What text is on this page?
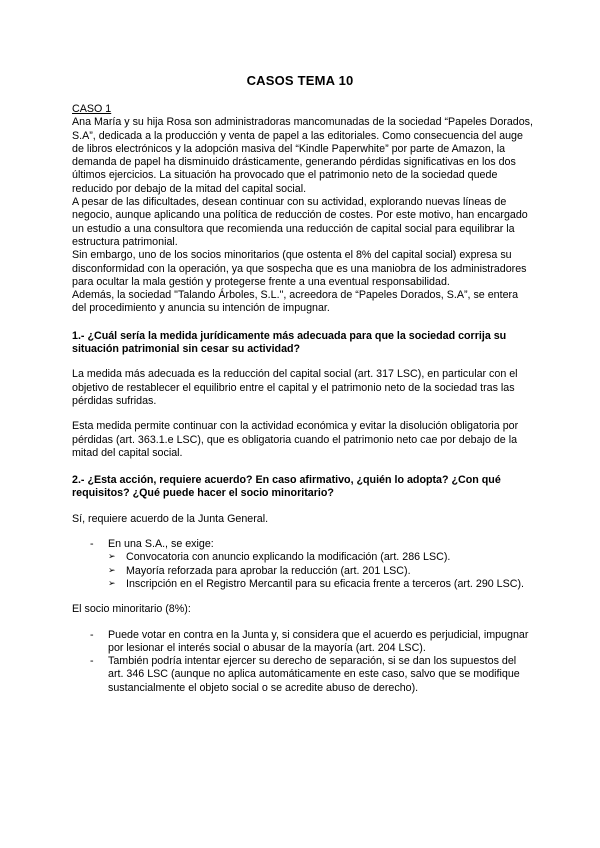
CASOS TEMA 10

CASO 1

Ana María y su hija Rosa son administradoras mancomunadas de la sociedad “Papeles Dorados, S.A”, dedicada a la producción y venta de papel a las editoriales. Como consecuencia del auge de libros electrónicos y la adopción masiva del “Kindle Paperwhite” por parte de Amazon, la demanda de papel ha disminuido drásticamente, generando pérdidas significativas en los dos últimos ejercicios. La situación ha provocado que el patrimonio neto de la sociedad quede reducido por debajo de la mitad del capital social.

A pesar de las dificultades, desean continuar con su actividad, explorando nuevas líneas de negocio, aunque aplicando una política de reducción de costes. Por este motivo, han encargado un estudio a una consultora que recomienda una reducción de capital social para equilibrar la estructura patrimonial.

Sin embargo, uno de los socios minoritarios (que ostenta el 8% del capital social) expresa su disconformidad con la operación, ya que sospecha que es una maniobra de los administradores para ocultar la mala gestión y protegerse frente a una eventual responsabilidad.

Además, la sociedad "Talando Árboles, S.L.", acreedora de “Papeles Dorados, S.A”, se entera del procedimiento y anuncia su intención de impugnar.

1.- ¿Cuál sería la medida jurídicamente más adecuada para que la sociedad corrija su situación patrimonial sin cesar su actividad?

La medida más adecuada es la reducción del capital social (art. 317 LSC), en particular con el objetivo de restablecer el equilibrio entre el capital y el patrimonio neto de la sociedad tras las pérdidas sufridas.

Esta medida permite continuar con la actividad económica y evitar la disolución obligatoria por pérdidas (art. 363.1.e LSC), que es obligatoria cuando el patrimonio neto cae por debajo de la mitad del capital social.

2.- ¿Esta acción, requiere acuerdo? En caso afirmativo, ¿quién lo adopta? ¿Con qué requisitos? ¿Qué puede hacer el socio minoritario?

Sí, requiere acuerdo de la Junta General.

- En una S.A., se exige:
➢ Convocatoria con anuncio explicando la modificación (art. 286 LSC).
➢ Mayoría reforzada para aprobar la reducción (art. 201 LSC).
➢ Inscripción en el Registro Mercantil para su eficacia frente a terceros (art. 290 LSC).

El socio minoritario (8%):

- Puede votar en contra en la Junta y, si considera que el acuerdo es perjudicial, impugnar por lesionar el interés social o abusar de la mayoría (art. 204 LSC).
- También podría intentar ejercer su derecho de separación, si se dan los supuestos del art. 346 LSC (aunque no aplica automáticamente en este caso, salvo que se modifique sustancialmente el objeto social o se acredite abuso de derecho).
